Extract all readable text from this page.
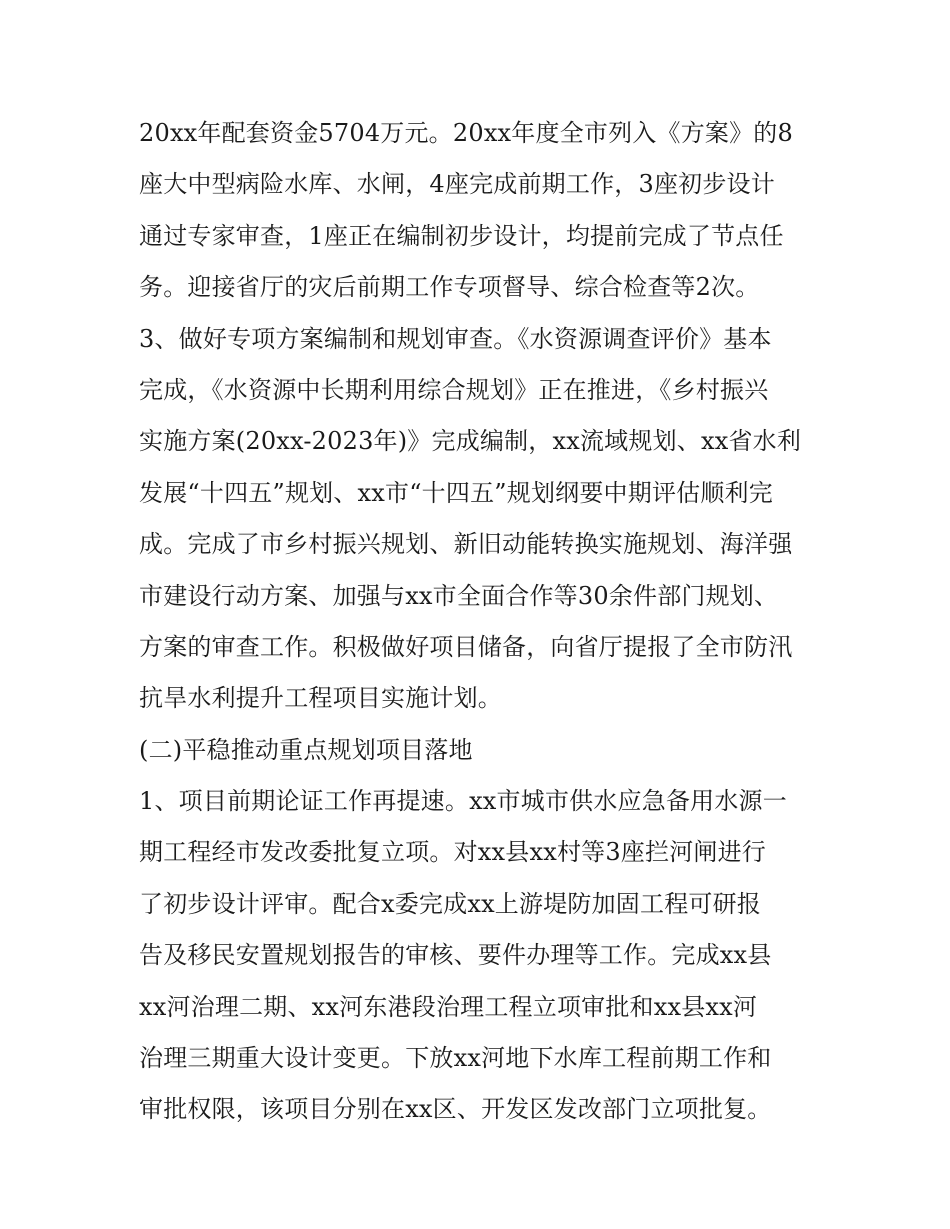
20xx年配套资金5704万元。20xx年度全市列入《方案》的8
座大中型病险水库、水闸，4座完成前期工作，3座初步设计
通过专家审查，1座正在编制初步设计，均提前完成了节点任
务。迎接省厅的灾后前期工作专项督导、综合检查等2次。
3、做好专项方案编制和规划审查。《水资源调查评价》基本
完成，《水资源中长期利用综合规划》正在推进，《乡村振兴
实施方案(20xx-2023年)》完成编制，xx流域规划、xx省水利
发展“十四五”规划、xx市“十四五”规划纲要中期评估顺利完
成。完成了市乡村振兴规划、新旧动能转换实施规划、海洋强
市建设行动方案、加强与xx市全面合作等30余件部门规划、
方案的审查工作。积极做好项目储备，向省厅提报了全市防汛
抗旱水利提升工程项目实施计划。
(二)平稳推动重点规划项目落地
1、项目前期论证工作再提速。xx市城市供水应急备用水源一
期工程经市发改委批复立项。对xx县xx村等3座拦河闸进行
了初步设计评审。配合x委完成xx上游堤防加固工程可研报
告及移民安置规划报告的审核、要件办理等工作。完成xx县
xx河治理二期、xx河东港段治理工程立项审批和xx县xx河
治理三期重大设计变更。下放xx河地下水库工程前期工作和
审批权限，该项目分别在xx区、开发区发改部门立项批复。
